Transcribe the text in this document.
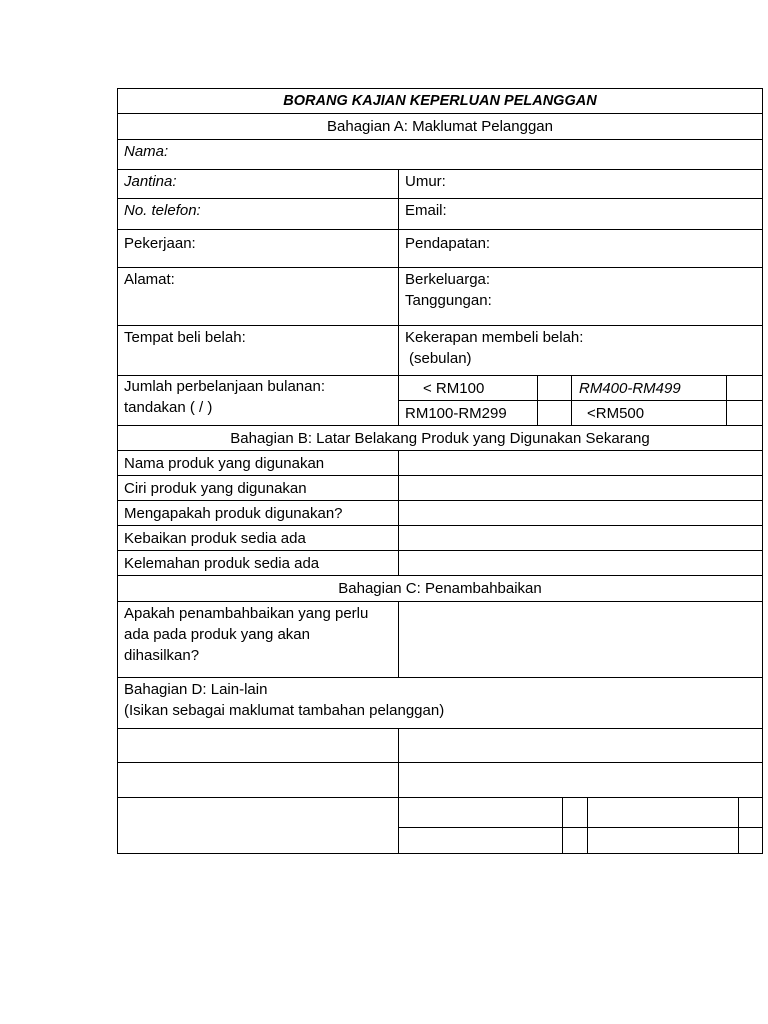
BORANG KAJIAN KEPERLUAN PELANGGAN
Bahagian A: Maklumat Pelanggan
Nama:
Jantina:	Umur:
No. telefon:	Email:
Pekerjaan:	Pendapatan:
Alamat:	Berkeluarga:
Tanggungan:
Tempat beli belah:	Kekerapan membeli belah:
(sebulan)
Jumlah perbelanjaan bulanan:
tandakan ( / )
< RM100	RM400-RM499
RM100-RM299	<RM500
Bahagian B: Latar Belakang Produk yang Digunakan Sekarang
Nama produk yang digunakan
Ciri produk yang digunakan
Mengapakah produk digunakan?
Kebaikan produk sedia ada
Kelemahan produk sedia ada
Bahagian C: Penambahbaikan
Apakah penambahbaikan yang perlu
ada pada produk yang akan
dihasilkan?
Bahagian D: Lain-lain
(Isikan sebagai maklumat tambahan pelanggan)
